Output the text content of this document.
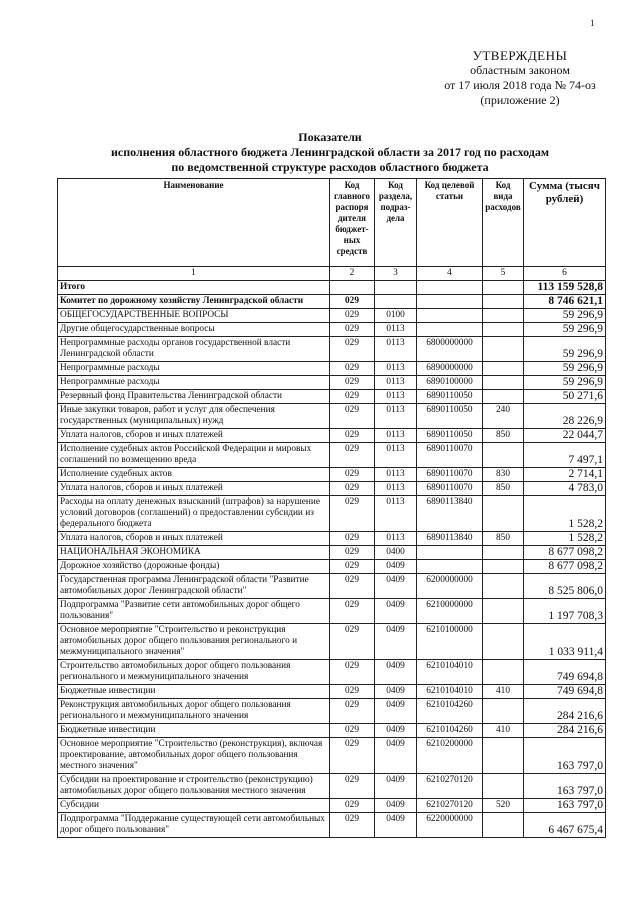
1
УТВЕРЖДЕНЫ
областным законом
от 17 июля 2018 года № 74-оз
(приложение 2)
Показатели
исполнения областного бюджета Ленинградской области за 2017 год по расходам
по ведомственной структуре расходов областного бюджета
Наименование	Код главного распоря дителя бюджет- ных средств	Код раздела, подраз- дела	Код целевой статьи	Код вида расходов	Сумма (тысяч рублей)
1	2	3	4	5	6
Итого					113 159 528,8
Комитет по дорожному хозяйству Ленинградской области	029				8 746 621,1
ОБЩЕГОСУДАРСТВЕННЫЕ ВОПРОСЫ	029	0100			59 296,9
Другие общегосударственные вопросы	029	0113			59 296,9
Непрограммные расходы органов государственной власти Ленинградской области	029	0113	6800000000		59 296,9
Непрограммные расходы	029	0113	6890000000		59 296,9
Непрограммные расходы	029	0113	6890100000		59 296,9
Резервный фонд Правительства Ленинградской области	029	0113	6890110050		50 271,6
Иные закупки товаров, работ и услуг для обеспечения государственных (муниципальных) нужд	029	0113	6890110050	240	28 226,9
Уплата налогов, сборов и иных платежей	029	0113	6890110050	850	22 044,7
Исполнение судебных актов Российской Федерации и мировых соглашений по возмещению вреда	029	0113	6890110070		7 497,1
Исполнение судебных актов	029	0113	6890110070	830	2 714,1
Уплата налогов, сборов и иных платежей	029	0113	6890110070	850	4 783,0
Расходы на оплату денежных взысканий (штрафов) за нарушение условий договоров (соглашений) о предоставлении субсидии из федерального бюджета	029	0113	6890113840		1 528,2
Уплата налогов, сборов и иных платежей	029	0113	6890113840	850	1 528,2
НАЦИОНАЛЬНАЯ ЭКОНОМИКА	029	0400			8 677 098,2
Дорожное хозяйство (дорожные фонды)	029	0409			8 677 098,2
Государственная программа Ленинградской области "Развитие автомобильных дорог Ленинградской области"	029	0409	6200000000		8 525 806,0
Подпрограмма "Развитие сети автомобильных дорог общего пользования"	029	0409	6210000000		1 197 708,3
Основное мероприятие "Строительство и реконструкция автомобильных дорог общего пользования регионального и межмуниципального значения"	029	0409	6210100000		1 033 911,4
Строительство автомобильных дорог общего пользования регионального и межмуниципального значения	029	0409	6210104010		749 694,8
Бюджетные инвестиции	029	0409	6210104010	410	749 694,8
Реконструкция автомобильных дорог общего пользования регионального и межмуниципального значения	029	0409	6210104260		284 216,6
Бюджетные инвестиции	029	0409	6210104260	410	284 216,6
Основное мероприятие "Строительство (реконструкция), включая проектирование, автомобильных дорог общего пользования местного значения"	029	0409	6210200000		163 797,0
Субсидии на проектирование и строительство (реконструкцию) автомобильных дорог общего пользования местного значения	029	0409	6210270120		163 797,0
Субсидии	029	0409	6210270120	520	163 797,0
Подпрограмма "Поддержание существующей сети автомобильных дорог общего пользования"	029	0409	6220000000		6 467 675,4
